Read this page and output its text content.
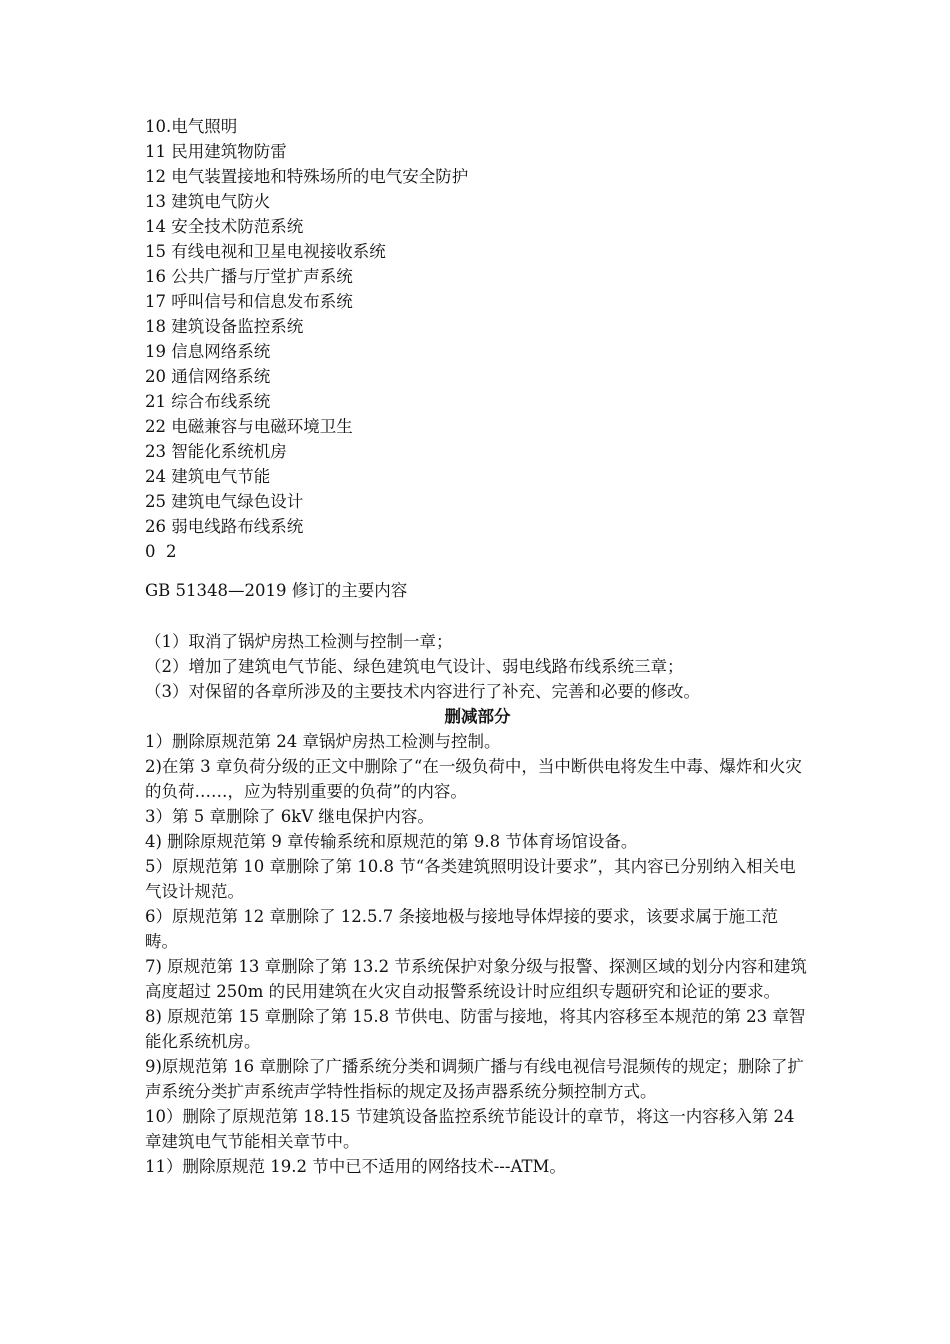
10.电气照明

11 民用建筑物防雷

12 电气装置接地和特殊场所的电气安全防护

13 建筑电气防火

14 安全技术防范系统

15 有线电视和卫星电视接收系统

16 公共广播与厅堂扩声系统

17 呼叫信号和信息发布系统

18 建筑设备监控系统

19 信息网络系统

20 通信网络系统

21 综合布线系统

22 电磁兼容与电磁环境卫生

23 智能化系统机房

24 建筑电气节能

25 建筑电气绿色设计

26 弱电线路布线系统

0  2

GB 51348—2019 修订的主要内容

（1）取消了锅炉房热工检测与控制一章；

（2）增加了建筑电气节能、绿色建筑电气设计、弱电线路布线系统三章；

（3）对保留的各章所涉及的主要技术内容进行了补充、完善和必要的修改。

删减部分

1）删除原规范第 24 章锅炉房热工检测与控制。

2)在第 3 章负荷分级的正文中删除了“在一级负荷中，当中断供电将发生中毒、爆炸和火灾的负荷……，应为特别重要的负荷”的内容。

3）第 5 章删除了 6kV 继电保护内容。

4) 删除原规范第 9 章传输系统和原规范的第 9.8 节体育场馆设备。

5）原规范第 10 章删除了第 10.8 节“各类建筑照明设计要求”，其内容已分别纳入相关电气设计规范。

6）原规范第 12 章删除了 12.5.7 条接地极与接地导体焊接的要求，该要求属于施工范畴。

7) 原规范第 13 章删除了第 13.2 节系统保护对象分级与报警、探测区域的划分内容和建筑高度超过 250m 的民用建筑在火灾自动报警系统设计时应组织专题研究和论证的要求。

8) 原规范第 15 章删除了第 15.8 节供电、防雷与接地，将其内容移至本规范的第 23 章智能化系统机房。

9)原规范第 16 章删除了广播系统分类和调频广播与有线电视信号混频传的规定；删除了扩声系统分类扩声系统声学特性指标的规定及扬声器系统分频控制方式。

10）删除了原规范第 18.15 节建筑设备监控系统节能设计的章节，将这一内容移入第 24 章建筑电气节能相关章节中。

11）删除原规范 19.2 节中已不适用的网络技术---ATM。
